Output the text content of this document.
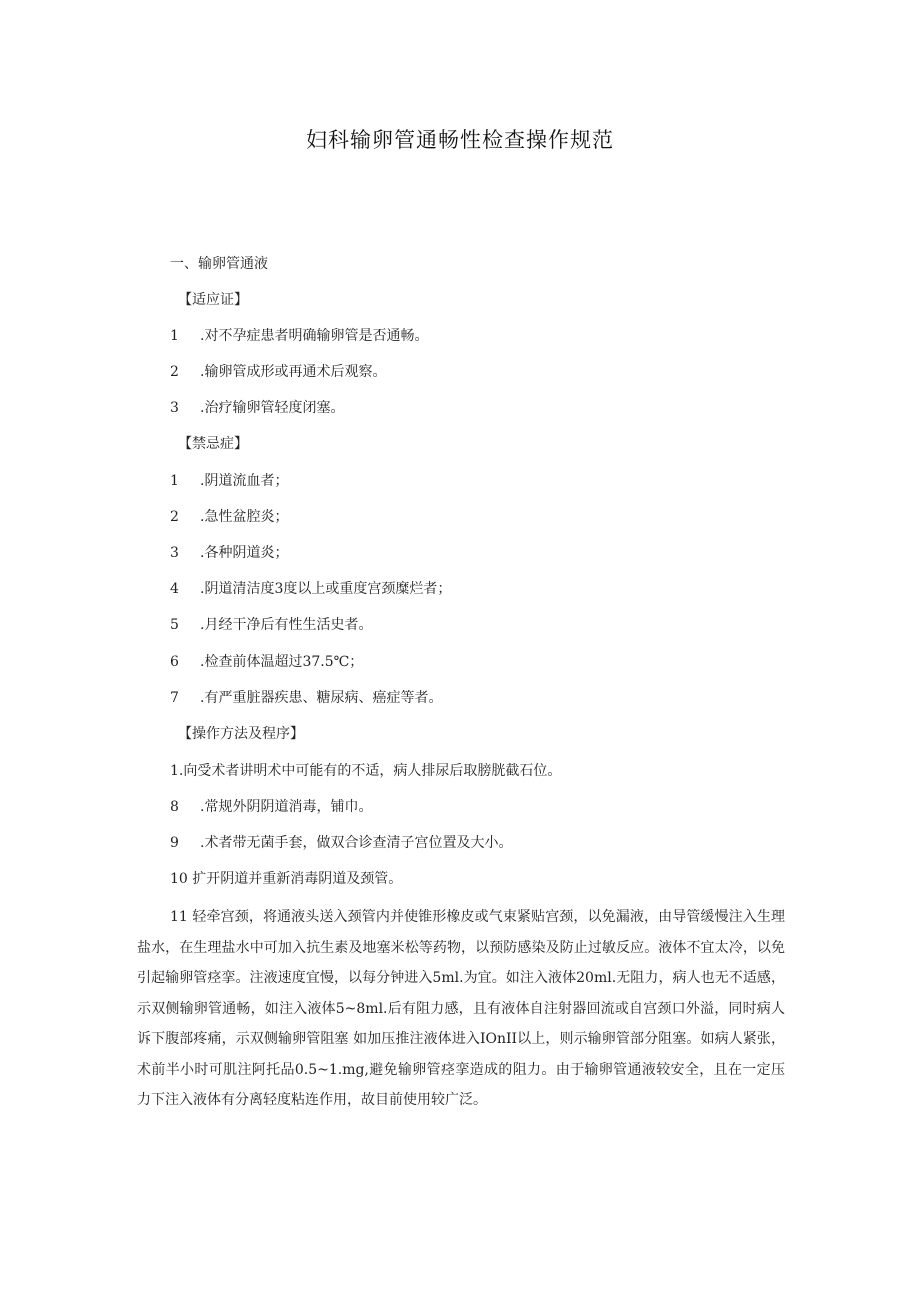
妇科输卵管通畅性检查操作规范
一、输卵管通液
【适应证】
1 .对不孕症患者明确输卵管是否通畅。
2 .输卵管成形或再通术后观察。
3 .治疗输卵管轻度闭塞。
【禁忌症】
1 .阴道流血者；
2 .急性盆腔炎；
3 .各种阴道炎；
4 .阴道清洁度3度以上或重度宫颈糜烂者；
5 .月经干净后有性生活史者。
6 .检查前体温超过37.5℃；
7 .有严重脏器疾患、糖尿病、癌症等者。
【操作方法及程序】
1.向受术者讲明术中可能有的不适，病人排尿后取膀胱截石位。
8 .常规外阴阴道消毒，铺巾。
9 .术者带无菌手套，做双合诊查清子宫位置及大小。
10 扩开阴道并重新消毒阴道及颈管。

11 轻牵宫颈，将通液头送入颈管内并使锥形橡皮或气束紧贴宫颈，以免漏液，由导管缓慢注入生理盐水，在生理盐水中可加入抗生素及地塞米松等药物，以预防感染及防止过敏反应。液体不宜太冷，以免引起输卵管痉挛。注液速度宜慢，以每分钟进入5ml.为宜。如注入液体20ml.无阻力，病人也无不适感，示双侧输卵管通畅，如注入液体5~8ml.后有阻力感，且有液体自注射器回流或自宫颈口外溢，同时病人诉下腹部疼痛，示双侧输卵管阻塞 如加压推注液体进入IOnII以上，则示输卵管部分阻塞。如病人紧张，术前半小时可肌注阿托品0.5~1.mg,避免输卵管痉挛造成的阻力。由于输卵管通液较安全，且在一定压力下注入液体有分离轻度粘连作用，故目前使用较广泛。
